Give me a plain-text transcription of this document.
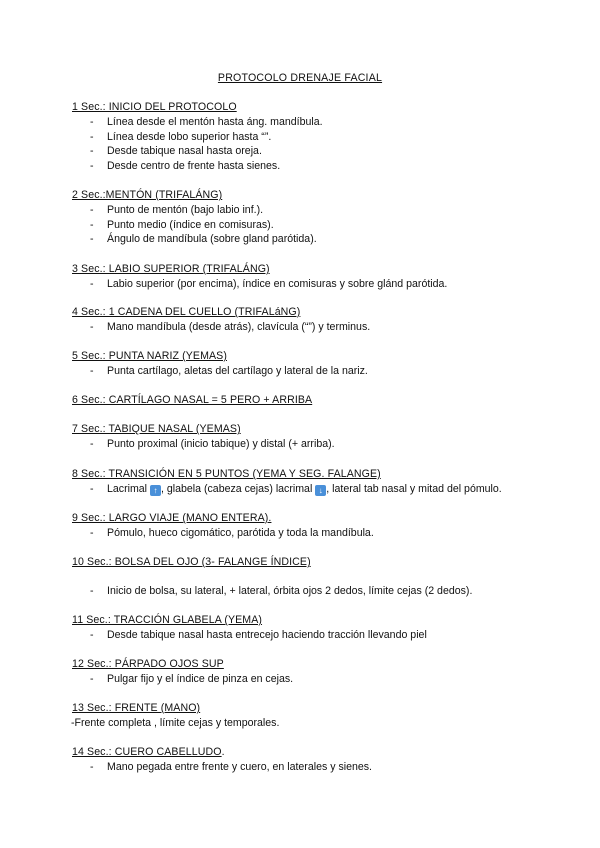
PROTOCOLO DRENAJE FACIAL

1 Sec.: INICIO DEL PROTOCOLO

- Línea desde el mentón hasta áng. mandíbula.
- Línea desde lobo superior hasta “”.
- Desde tabique nasal hasta oreja.
- Desde centro de frente hasta sienes.

2 Sec.:MENTÓN (TRIFALÁNG)

- Punto de mentón (bajo labio inf.).
- Punto medio (índice en comisuras).
- Ángulo de mandíbula (sobre gland parótida).

3 Sec.: LABIO SUPERIOR (TRIFALÁNG)

- Labio superior (por encima), índice en comisuras y sobre glánd parótida.

4 Sec.: 1 CADENA DEL CUELLO (TRIFALáNG)

- Mano mandíbula (desde atrás), clavícula (“”) y terminus.

5 Sec.: PUNTA NARIZ (YEMAS)

- Punta cartílago, aletas del cartílago y lateral de la nariz.

6 Sec.: CARTÍLAGO NASAL = 5 PERO + ARRIBA

7 Sec.: TABIQUE NASAL (YEMAS)

- Punto proximal (inicio tabique) y distal (+ arriba).

8 Sec.: TRANSICIÓN EN 5 PUNTOS (YEMA Y SEG. FALANGE)

- Lacrimal ↑ , glabela (cabeza cejas) lacrimal ↓ , lateral tab nasal y mitad del pómulo.

9 Sec.: LARGO VIAJE (MANO ENTERA).

- Pómulo, hueco cigomático, parótida y toda la mandíbula.

10 Sec.: BOLSA DEL OJO (3- FALANGE ÍNDICE)

- Inicio de bolsa, su lateral, + lateral, órbita ojos 2 dedos, límite cejas (2 dedos).

11 Sec.: TRACCIÓN GLABELA (YEMA)

- Desde tabique nasal hasta entrecejo haciendo tracción llevando piel

12 Sec.: PÁRPADO OJOS SUP

- Pulgar fijo y el índice de pinza en cejas.

13 Sec.: FRENTE (MANO)

-Frente completa , límite cejas y temporales.

14 Sec.: CUERO CABELLUDO.

- Mano pegada entre frente y cuero, en laterales y sienes.
